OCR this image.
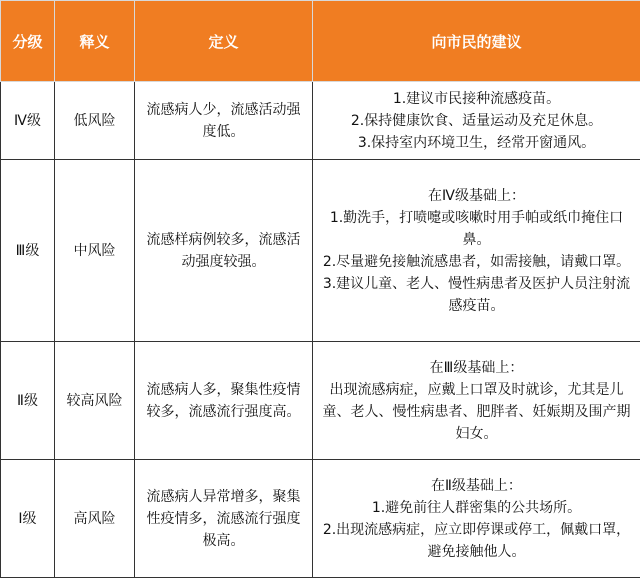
分级	释义	定义	向市民的建议
Ⅳ级	低风险	流感病人少，流感活动强度低。	1.建议市民接种流感疫苗。
2.保持健康饮食、适量运动及充足休息。
3.保持室内环境卫生，经常开窗通风。

Ⅲ级	中风险	流感样病例较多，流感活动强度较强。	在Ⅳ级基础上：
1.勤洗手，打喷嚏或咳嗽时用手帕或纸巾掩住口鼻。
2.尽量避免接触流感患者，如需接触，请戴口罩。
3.建议儿童、老人、慢性病患者及医护人员注射流感疫苗。

Ⅱ级	较高风险	流感病人多，聚集性疫情较多，流感流行强度高。	在Ⅲ级基础上：
出现流感病症，应戴上口罩及时就诊，尤其是儿童、老人、慢性病患者、肥胖者、妊娠期及围产期妇女。

Ⅰ级	高风险	流感病人异常增多，聚集性疫情多，流感流行强度极高。	在Ⅱ级基础上：
1.避免前往人群密集的公共场所。
2.出现流感病症，应立即停课或停工，佩戴口罩，避免接触他人。
